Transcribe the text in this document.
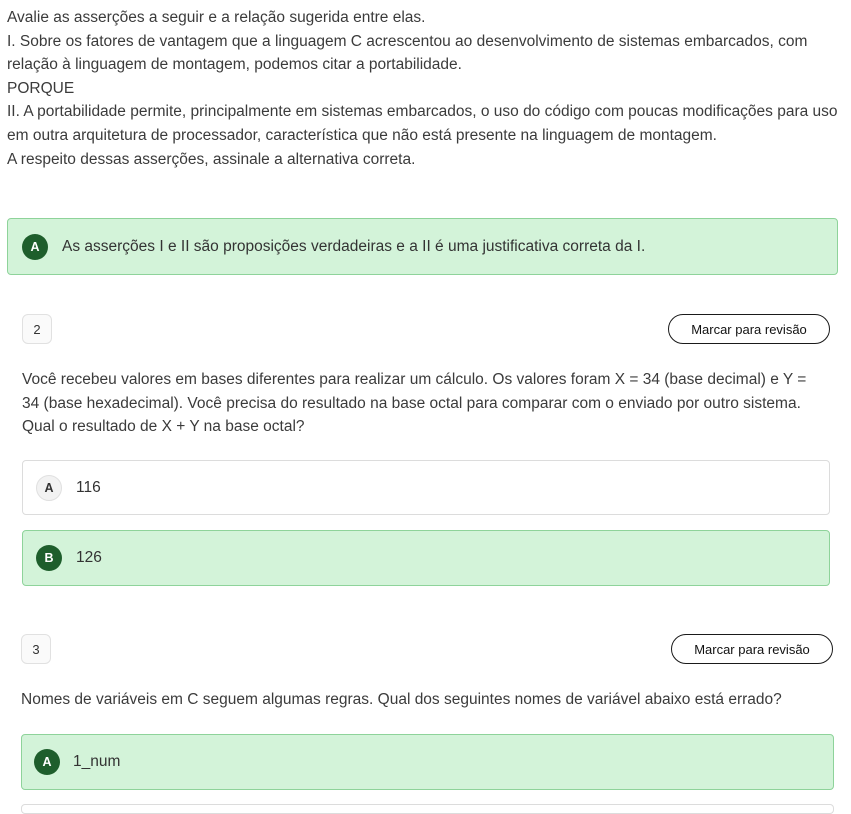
Avalie as asserções a seguir e a relação sugerida entre elas.

I. Sobre os fatores de vantagem que a linguagem C acrescentou ao desenvolvimento de sistemas embarcados, com relação à linguagem de montagem, podemos citar a portabilidade.

PORQUE

II. A portabilidade permite, principalmente em sistemas embarcados, o uso do código com poucas modificações para uso em outra arquitetura de processador, característica que não está presente na linguagem de montagem.

A respeito dessas asserções, assinale a alternativa correta.

A	As asserções I e II são proposições verdadeiras e a II é uma justificativa correta da I.
2	Marcar para revisão
Você recebeu valores em bases diferentes para realizar um cálculo. Os valores foram X = 34 (base decimal) e Y = 34 (base hexadecimal). Você precisa do resultado na base octal para comparar com o enviado por outro sistema. Qual o resultado de X + Y na base octal?
A	116
B	126
3	Marcar para revisão
Nomes de variáveis em C seguem algumas regras. Qual dos seguintes nomes de variável abaixo está errado?
A	1_num
